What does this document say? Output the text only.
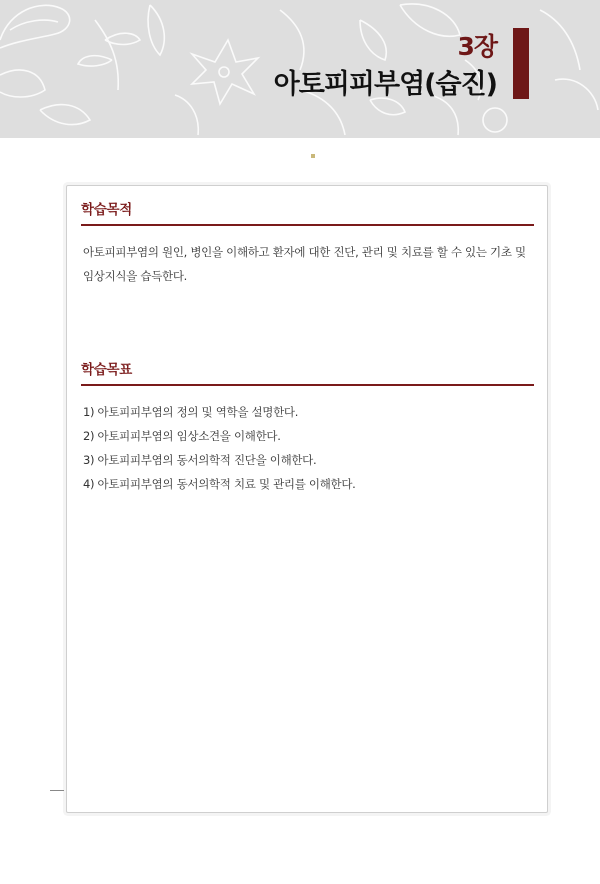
3장
아토피피부염(습진)
학습목적
아토피피부염의 원인, 병인을 이해하고 환자에 대한 진단, 관리 및 치료를 할 수 있는 기초 및 임상지식을 습득한다.
학습목표
1) 아토피피부염의 정의 및 역학을 설명한다.
2) 아토피피부염의 임상소견을 이해한다.
3) 아토피피부염의 동서의학적 진단을 이해한다.
4) 아토피피부염의 동서의학적 치료 및 관리를 이해한다.
